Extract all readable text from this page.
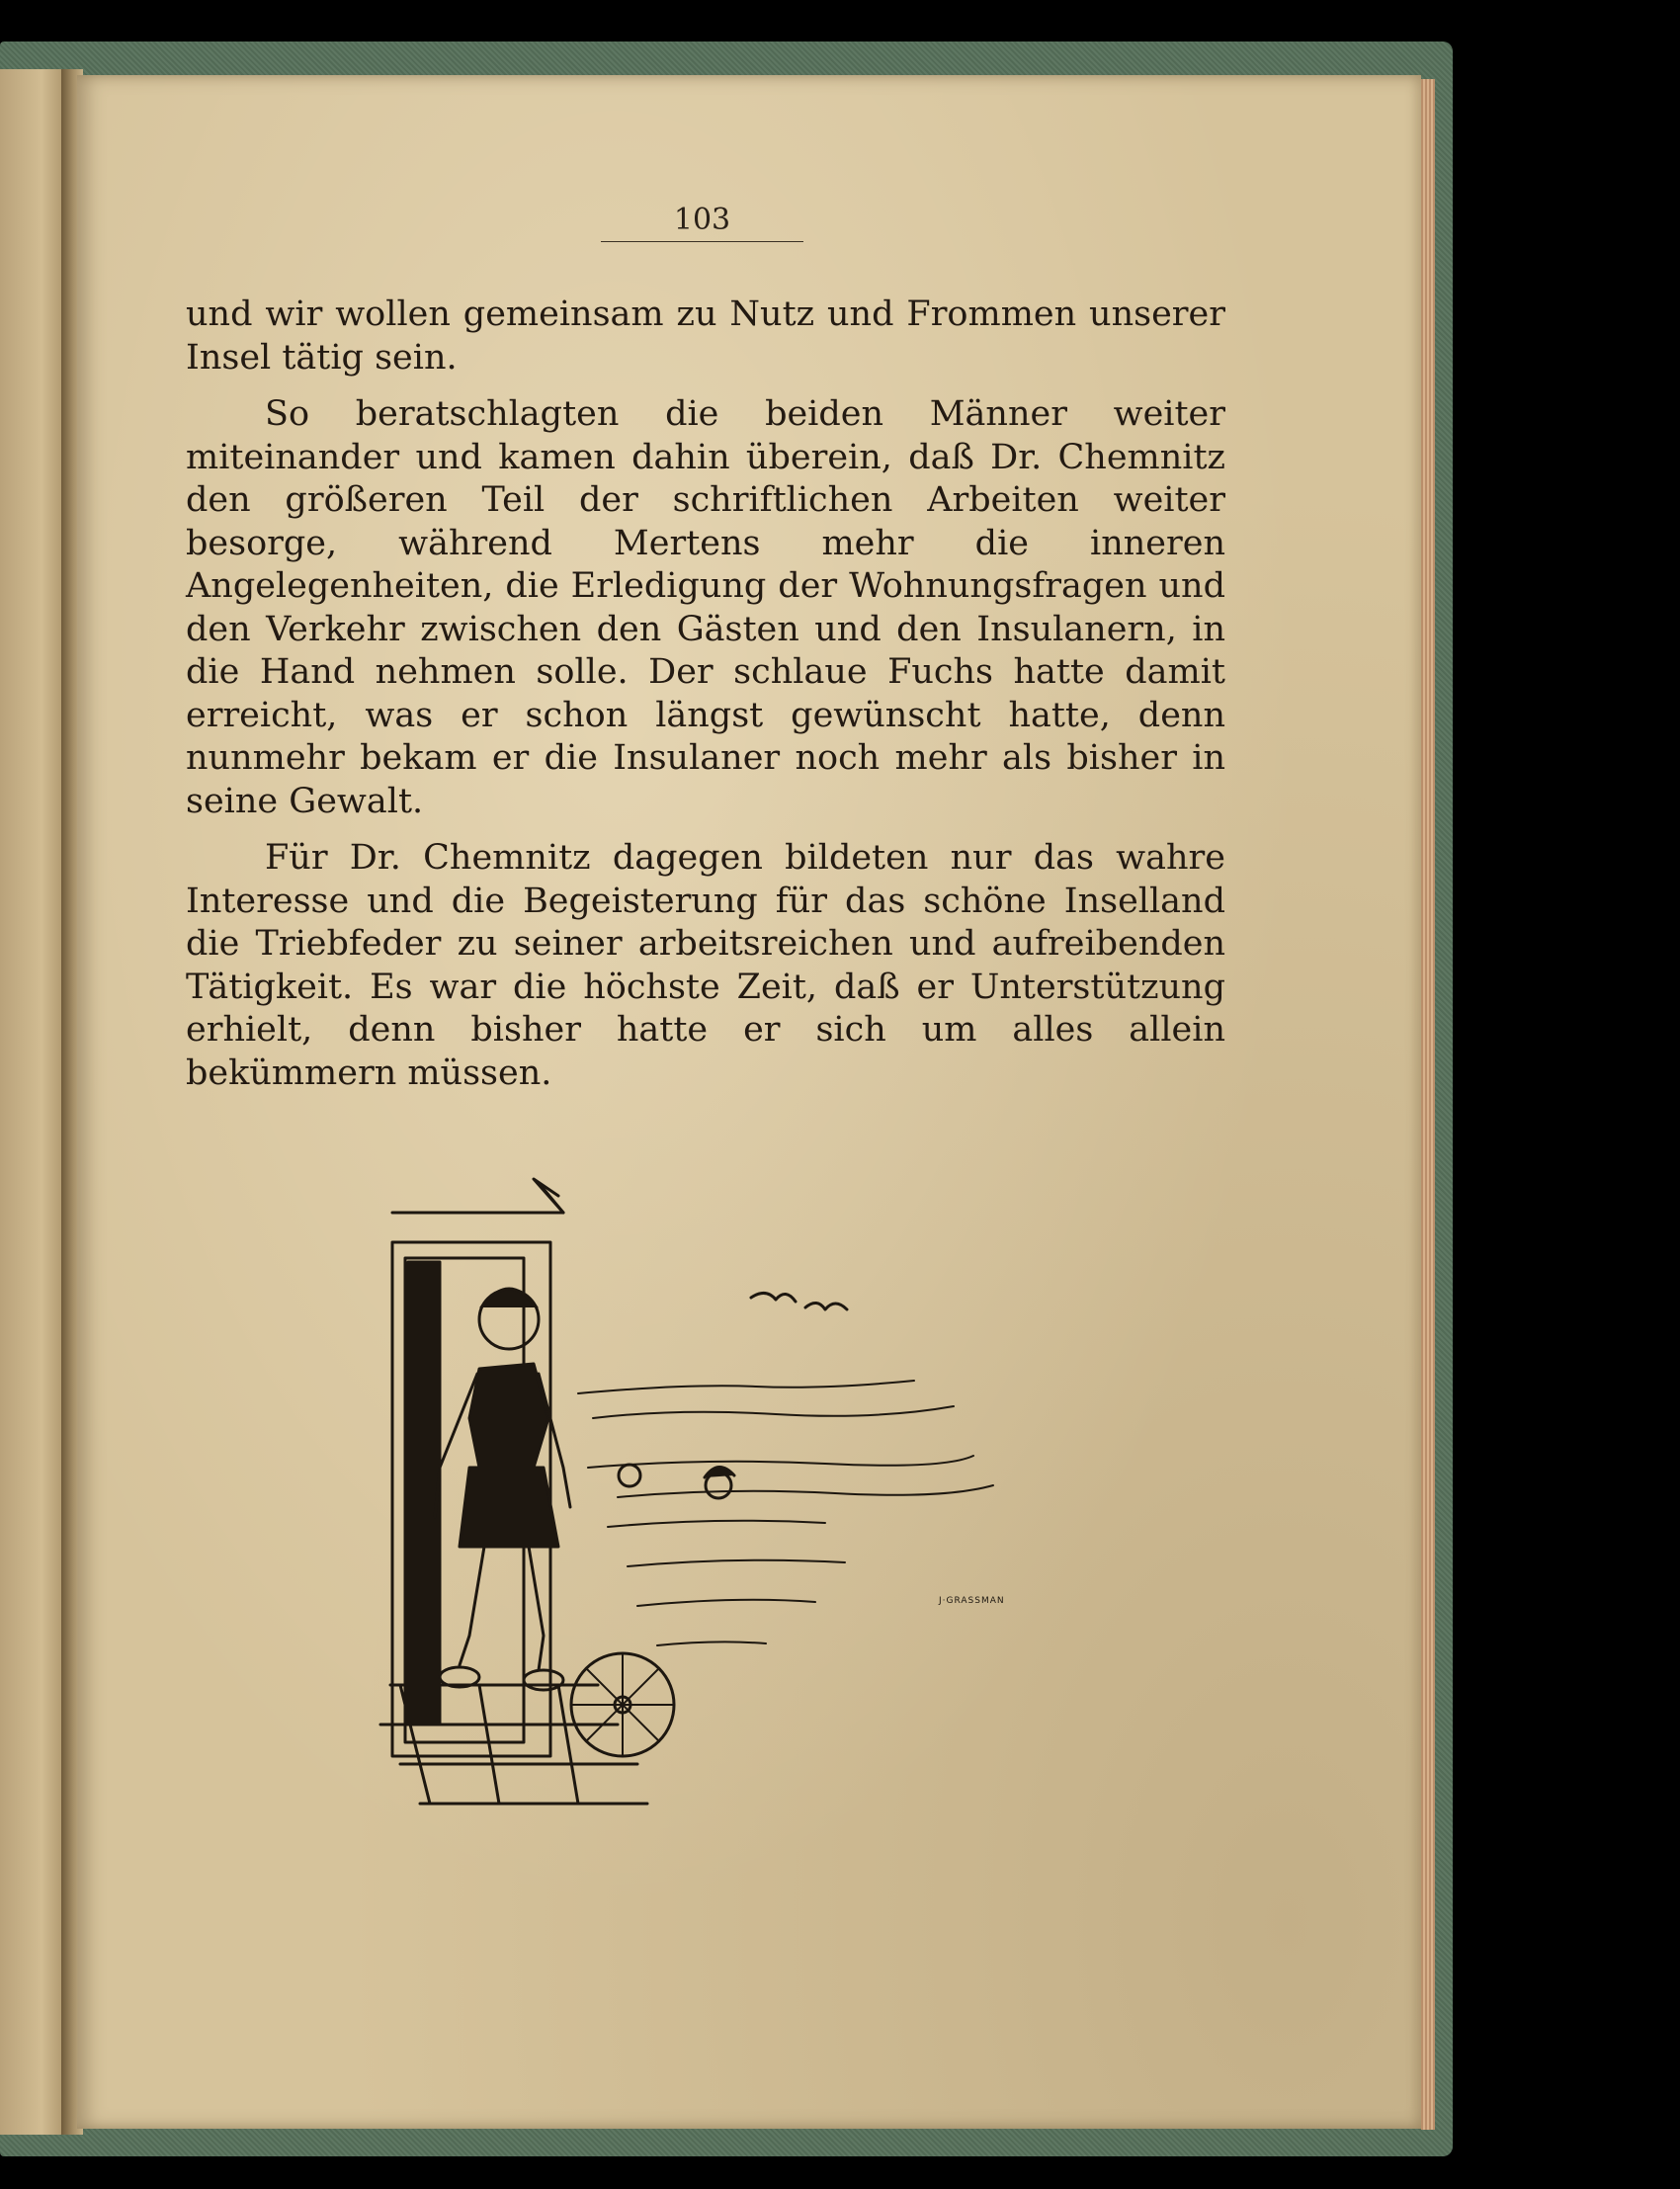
103

und wir wollen gemeinsam zu Nutz und Frommen unserer Insel tätig sein.

So beratschlagten die beiden Männer weiter miteinander und kamen dahin überein, daß Dr. Chemnitz den größeren Teil der schriftlichen Arbeiten weiter besorge, während Mertens mehr die inneren Angelegenheiten, die Erledigung der Wohnungsfragen und den Verkehr zwischen den Gästen und den Insulanern, in die Hand nehmen solle. Der schlaue Fuchs hatte damit erreicht, was er schon längst gewünscht hatte, denn nunmehr bekam er die Insulaner noch mehr als bisher in seine Gewalt.

Für Dr. Chemnitz dagegen bildeten nur das wahre Interesse und die Begeisterung für das schöne Inselland die Triebfeder zu seiner arbeitsreichen und aufreibenden Tätigkeit. Es war die höchste Zeit, daß er Unterstützung erhielt, denn bisher hatte er sich um alles allein bekümmern müssen.

J·GRASSMAN
